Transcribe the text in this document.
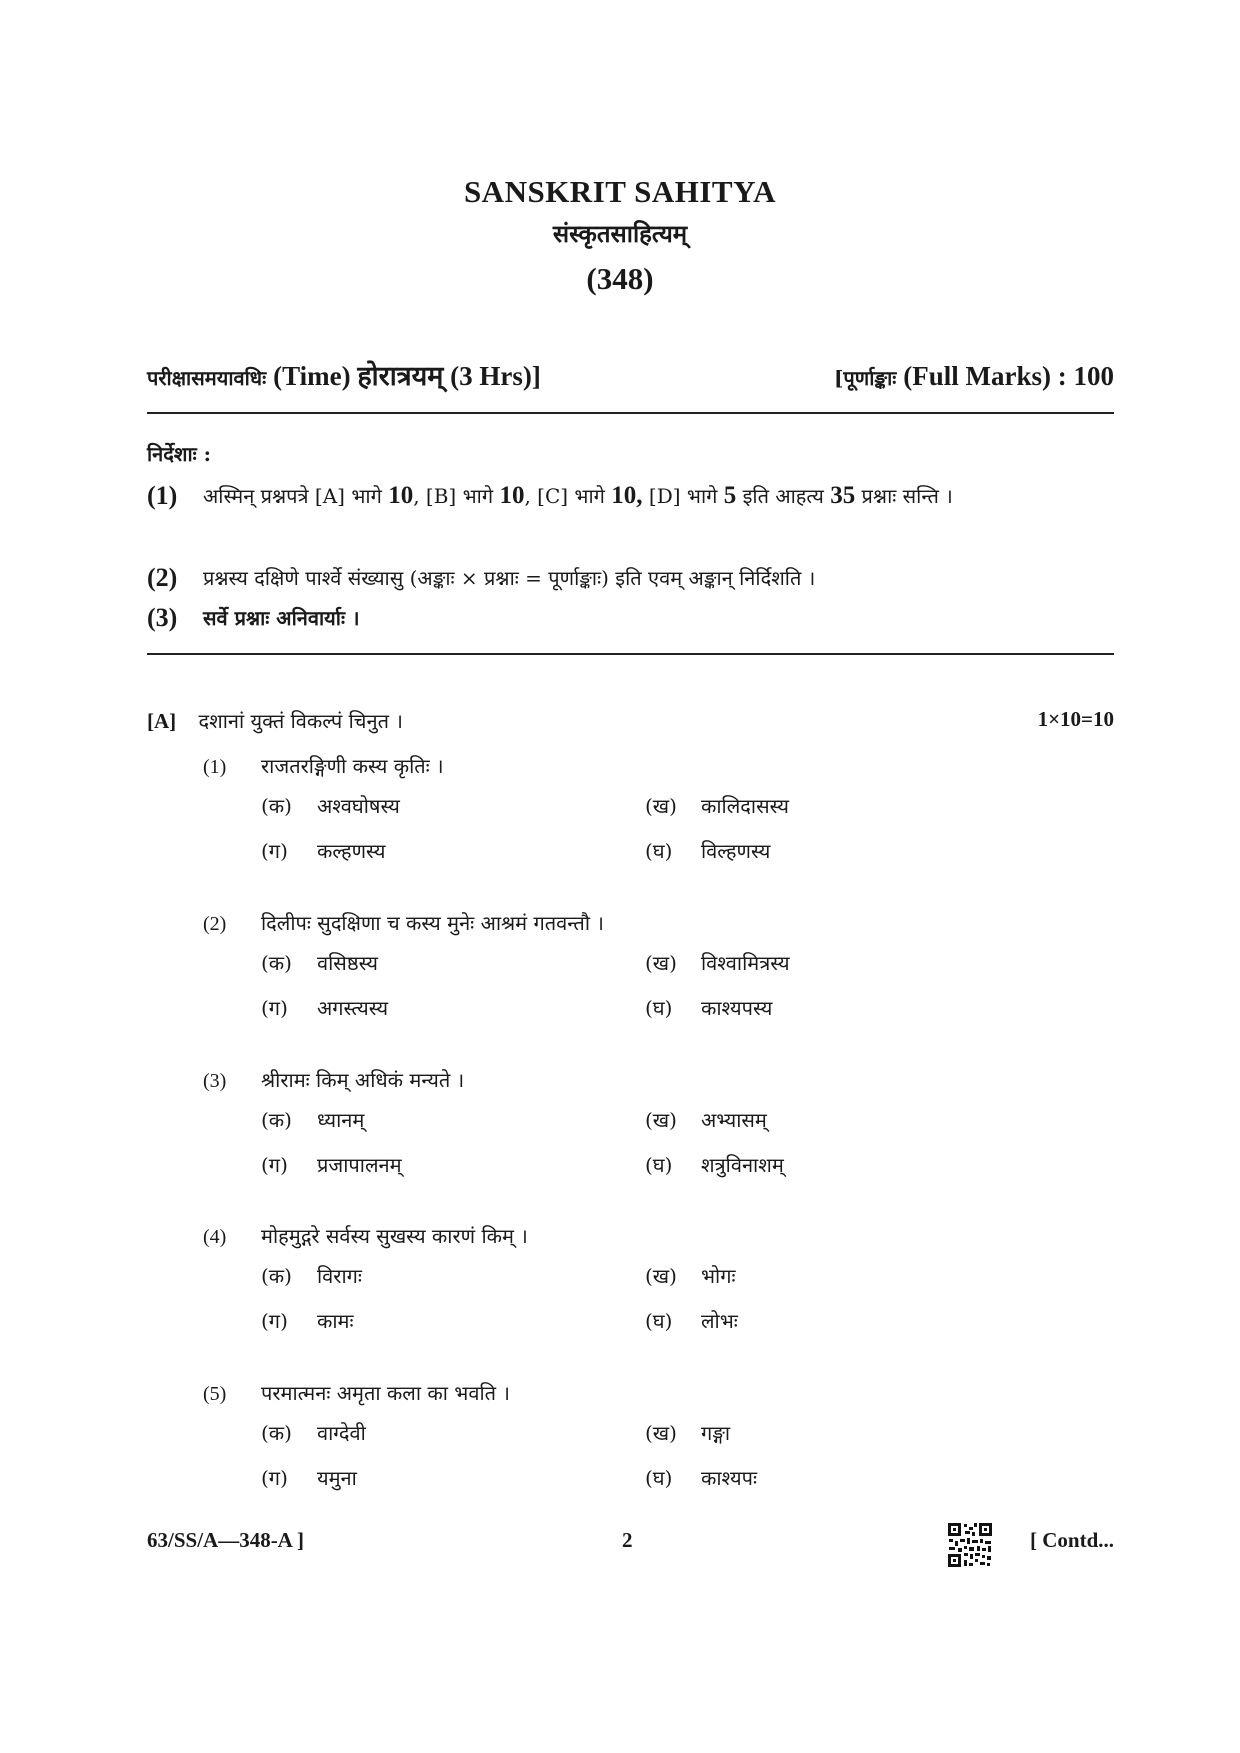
SANSKRIT SAHITYA
संस्कृतसाहित्यम्
(348)
परीक्षासमयावधिः (Time) होरात्रयम् (3 Hrs)]	[पूर्णाङ्काः (Full Marks) : 100
निर्देशाः :
(1) अस्मिन् प्रश्नपत्रे [A] भागे 10, [B] भागे 10, [C] भागे 10, [D] भागे 5 इति आहत्य 35 प्रश्नाः सन्ति ।
(2) प्रश्नस्य दक्षिणे पार्श्वे संख्यासु (अङ्काः × प्रश्नाः = पूर्णाङ्काः) इति एवम् अङ्कान् निर्दिशति ।
(3) सर्वे प्रश्नाः अनिवार्याः ।
[A] दशानां युक्तं विकल्पं चिनुत ।	1×10=10
(1) राजतरङ्गिणी कस्य कृतिः ।
(क) अश्वघोषस्य	(ख) कालिदासस्य
(ग) कल्हणस्य	(घ) विल्हणस्य
(2) दिलीपः सुदक्षिणा च कस्य मुनेः आश्रमं गतवन्तौ ।
(क) वसिष्ठस्य	(ख) विश्वामित्रस्य
(ग) अगस्त्यस्य	(घ) काश्यपस्य
(3) श्रीरामः किम् अधिकं मन्यते ।
(क) ध्यानम्	(ख) अभ्यासम्
(ग) प्रजापालनम्	(घ) शत्रुविनाशम्
(4) मोहमुद्गरे सर्वस्य सुखस्य कारणं किम् ।
(क) विरागः	(ख) भोगः
(ग) कामः	(घ) लोभः
(5) परमात्मनः अमृता कला का भवति ।
(क) वाग्देवी	(ख) गङ्गा
(ग) यमुना	(घ) काश्यपः
63/SS/A—348-A ]	2	[ Contd...
